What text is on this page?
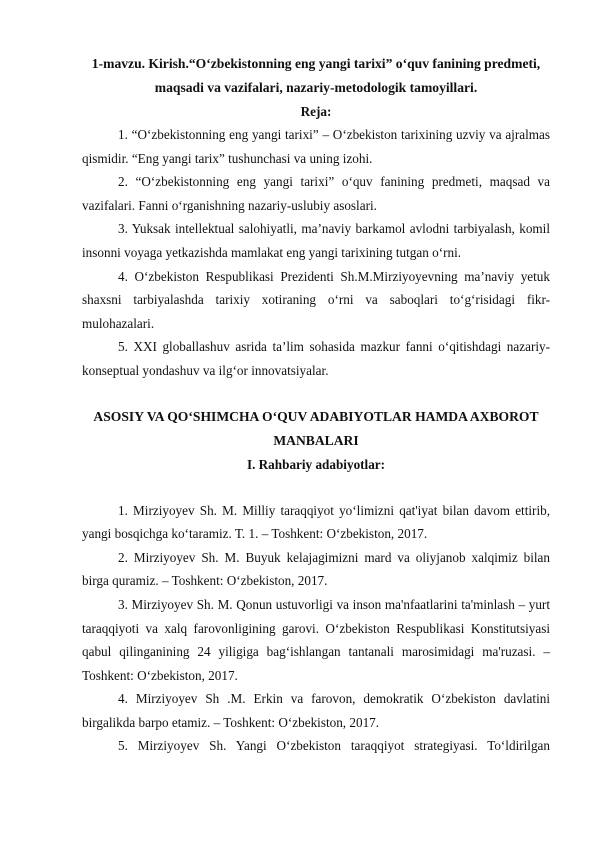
1-mavzu. Kirish.“O‘zbekistonning eng yangi tarixi” o‘quv fanining predmeti, maqsadi va vazifalari, nazariy-metodologik tamoyillari.
Reja:

1. “O‘zbekistonning eng yangi tarixi” – O‘zbekiston tarixining uzviy va ajralmas qismidir. “Eng yangi tarix” tushunchasi va uning izohi.

2. “O‘zbekistonning eng yangi tarixi” o‘quv fanining predmeti, maqsad va vazifalari. Fanni o‘rganishning nazariy-uslubiy asoslari.

3. Yuksak intellektual salohiyatli, ma’naviy barkamol avlodni tarbiyalash, komil insonni voyaga yetkazishda mamlakat eng yangi tarixining tutgan o‘rni.

4. O‘zbekiston Respublikasi Prezidenti Sh.M.Mirziyoyevning ma’naviy yetuk shaxsni tarbiyalashda tarixiy xotiraning o‘rni va saboqlari to‘g‘risidagi fikr-mulohazalari.

5. XXI globallashuv asrida ta’lim sohasida mazkur fanni o‘qitishdagi nazariy-konseptual yondashuv va ilg‘or innovatsiyalar.

ASOSIY VA QO‘SHIMCHA O‘QUV ADABIYOTLAR HAMDA AXBOROT MANBALARI
I. Rahbariy adabiyotlar:

1. Mirziyoyev Sh. M. Milliy taraqqiyot yo‘limizni qat'iyat bilan davom ettirib, yangi bosqichga ko‘taramiz. T. 1. – Toshkent: O‘zbekiston, 2017.

2. Mirziyoyev Sh. M. Buyuk kelajagimizni mard va oliyjanob xalqimiz bilan birga quramiz. – Toshkent: O‘zbekiston, 2017.

3. Mirziyoyev Sh. M. Qonun ustuvorligi va inson ma'nfaatlarini ta'minlash – yurt taraqqiyoti va xalq farovonligining garovi. O‘zbekiston Respublikasi Konstitutsiyasi qabul qilinganining 24 yiligiga bag‘ishlangan tantanali marosimidagi ma'ruzasi. – Toshkent: O‘zbekiston, 2017.

4. Mirziyoyev Sh .M. Erkin va farovon, demokratik O‘zbekiston davlatini birgalikda barpo etamiz. – Toshkent: O‘zbekiston, 2017.

5. Mirziyoyev Sh. Yangi O‘zbekiston taraqqiyot strategiyasi. To‘ldirilgan
